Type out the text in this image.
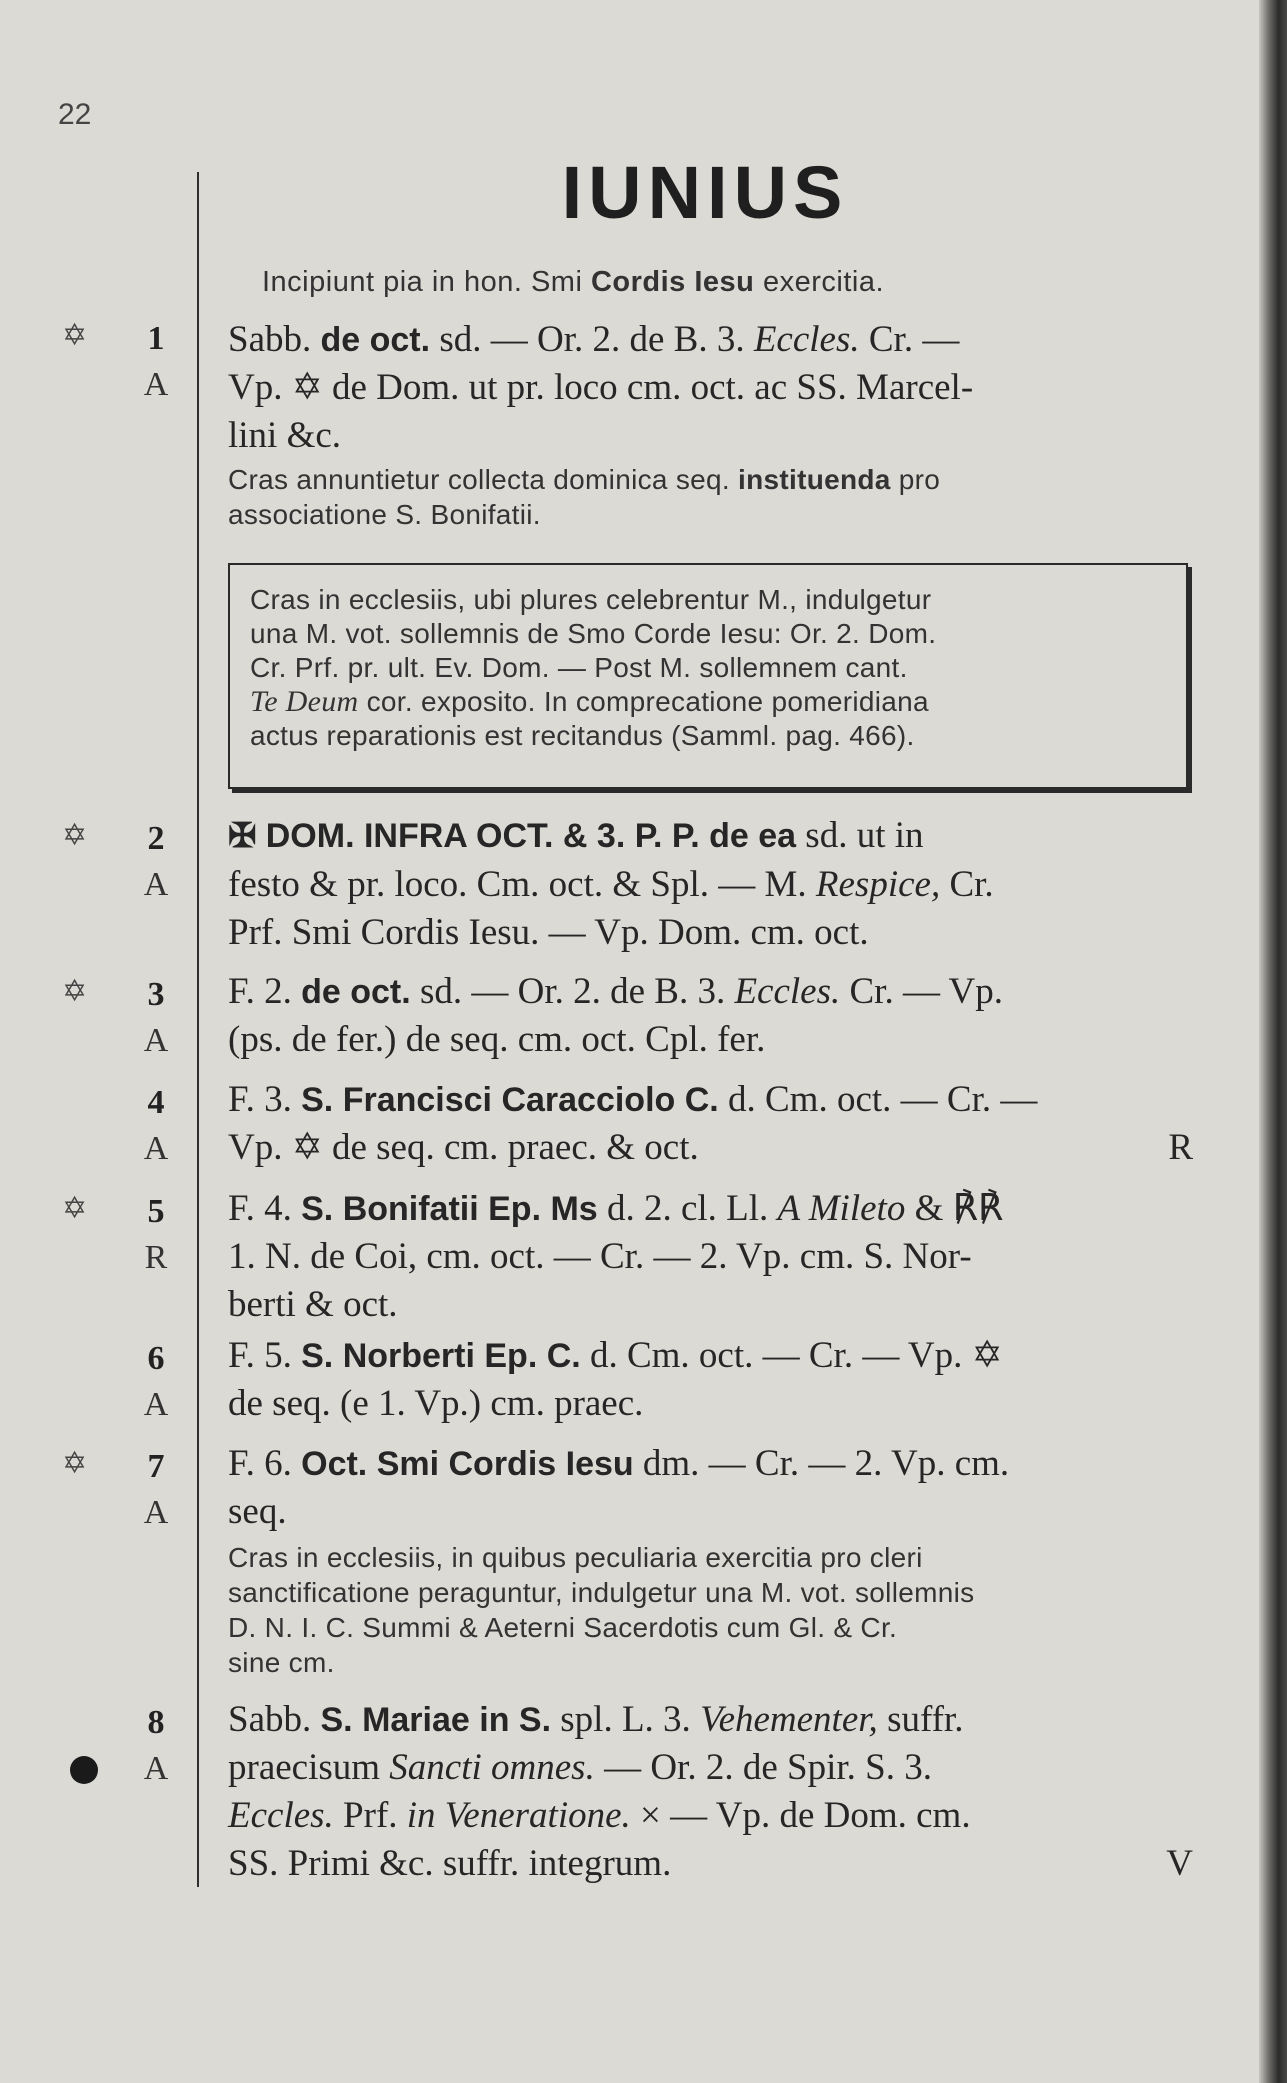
22
IUNIUS
Incipiunt pia in hon. Smi Cordis Iesu exercitia.
✡ 1
A
✡ 2
A
✡ 3
A
4
A
✡ 5
R
6
A
✡ 7
A
8
A
Sabb. de oct. sd. — Or. 2. de B. 3. Eccles. Cr. —
Vp. ✡ de Dom. ut pr. loco cm. oct. ac SS. Marcel-
lini &c.
Cras annuntietur collecta dominica seq. instituenda pro
associatione S. Bonifatii.
Cras in ecclesiis, ubi plures celebrentur M., indulgetur
una M. vot. sollemnis de Smo Corde Iesu: Or. 2. Dom.
Cr. Prf. pr. ult. Ev. Dom. — Post M. sollemnem cant.
Te Deum cor. exposito. In comprecatione pomeridiana
actus reparationis est recitandus (Samml. pag. 466).
✠ DOM. INFRA OCT. & 3. P. P. de ea sd. ut in
festo & pr. loco. Cm. oct. & Spl. — M. Respice, Cr.
Prf. Smi Cordis Iesu. — Vp. Dom. cm. oct.
F. 2. de oct. sd. — Or. 2. de B. 3. Eccles. Cr. — Vp.
(ps. de fer.) de seq. cm. oct. Cpl. fer.
F. 3. S. Francisci Caracciolo C. d. Cm. oct. — Cr. —
Vp. ✡ de seq. cm. praec. & oct.	R
F. 4. S. Bonifatii Ep. Ms d. 2. cl. Ll. A Mileto & ℟℟
1. N. de Coi, cm. oct. — Cr. — 2. Vp. cm. S. Nor-
berti & oct.
F. 5. S. Norberti Ep. C. d. Cm. oct. — Cr. — Vp. ✡
de seq. (e 1. Vp.) cm. praec.
F. 6. Oct. Smi Cordis Iesu dm. — Cr. — 2. Vp. cm.
seq.
Cras in ecclesiis, in quibus peculiaria exercitia pro cleri
sanctificatione peraguntur, indulgetur una M. vot. sollemnis
D. N. I. C. Summi & Aeterni Sacerdotis cum Gl. & Cr.
sine cm.
Sabb. S. Mariae in S. spl. L. 3. Vehementer, suffr.
praecisum Sancti omnes. — Or. 2. de Spir. S. 3.
Eccles. Prf. in Veneratione. × — Vp. de Dom. cm.
SS. Primi &c. suffr. integrum.	V
